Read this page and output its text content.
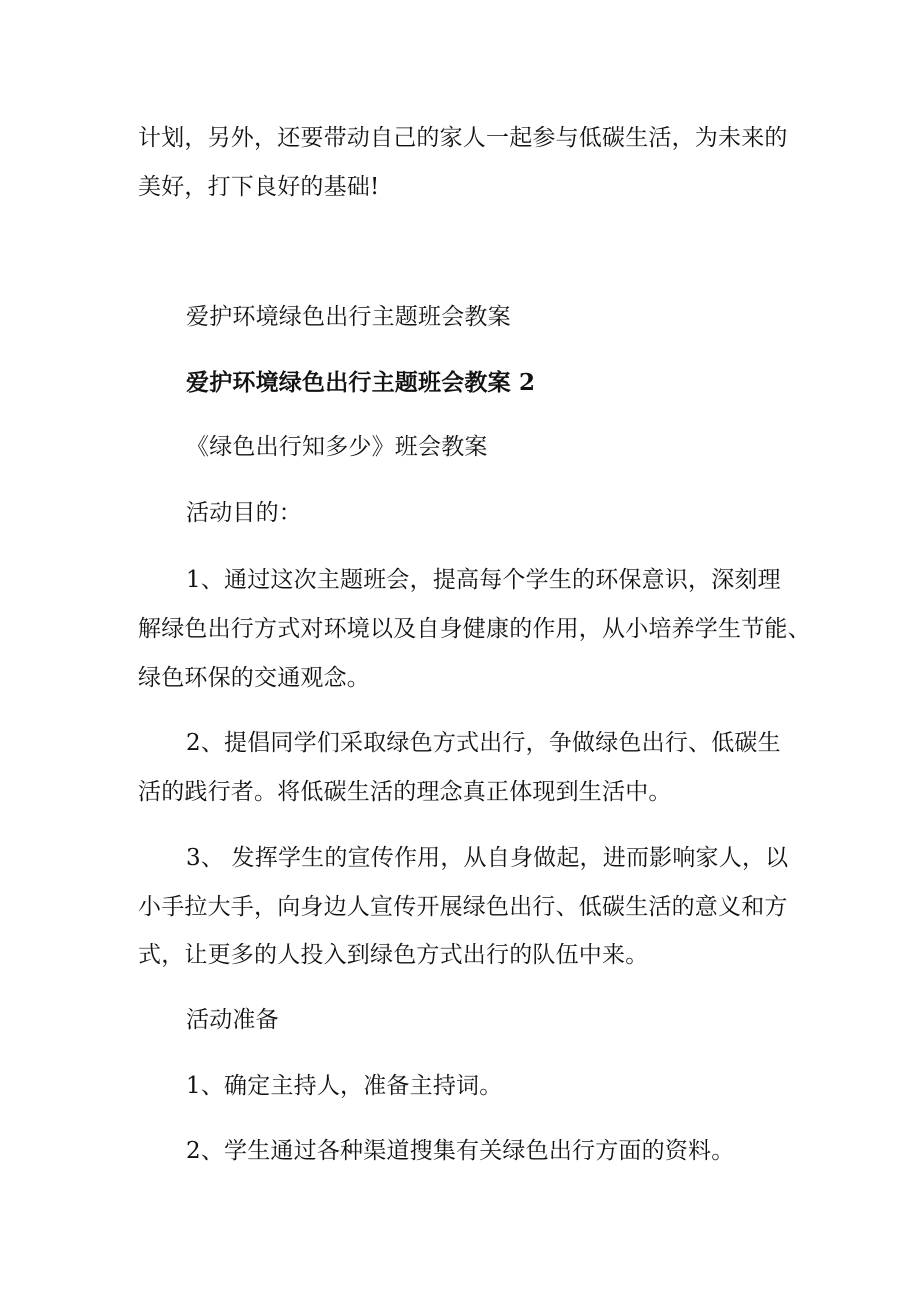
计划，另外，还要带动自己的家人一起参与低碳生活，为未来的
美好，打下良好的基础!
爱护环境绿色出行主题班会教案
爱护环境绿色出行主题班会教案 2
《绿色出行知多少》班会教案
活动目的：
1、通过这次主题班会，提高每个学生的环保意识，深刻理
解绿色出行方式对环境以及自身健康的作用，从小培养学生节能、
绿色环保的交通观念。
2、提倡同学们采取绿色方式出行，争做绿色出行、低碳生
活的践行者。将低碳生活的理念真正体现到生活中。
3、 发挥学生的宣传作用，从自身做起，进而影响家人，以
小手拉大手，向身边人宣传开展绿色出行、低碳生活的意义和方
式，让更多的人投入到绿色方式出行的队伍中来。
活动准备
1、确定主持人，准备主持词。
2、学生通过各种渠道搜集有关绿色出行方面的资料。
